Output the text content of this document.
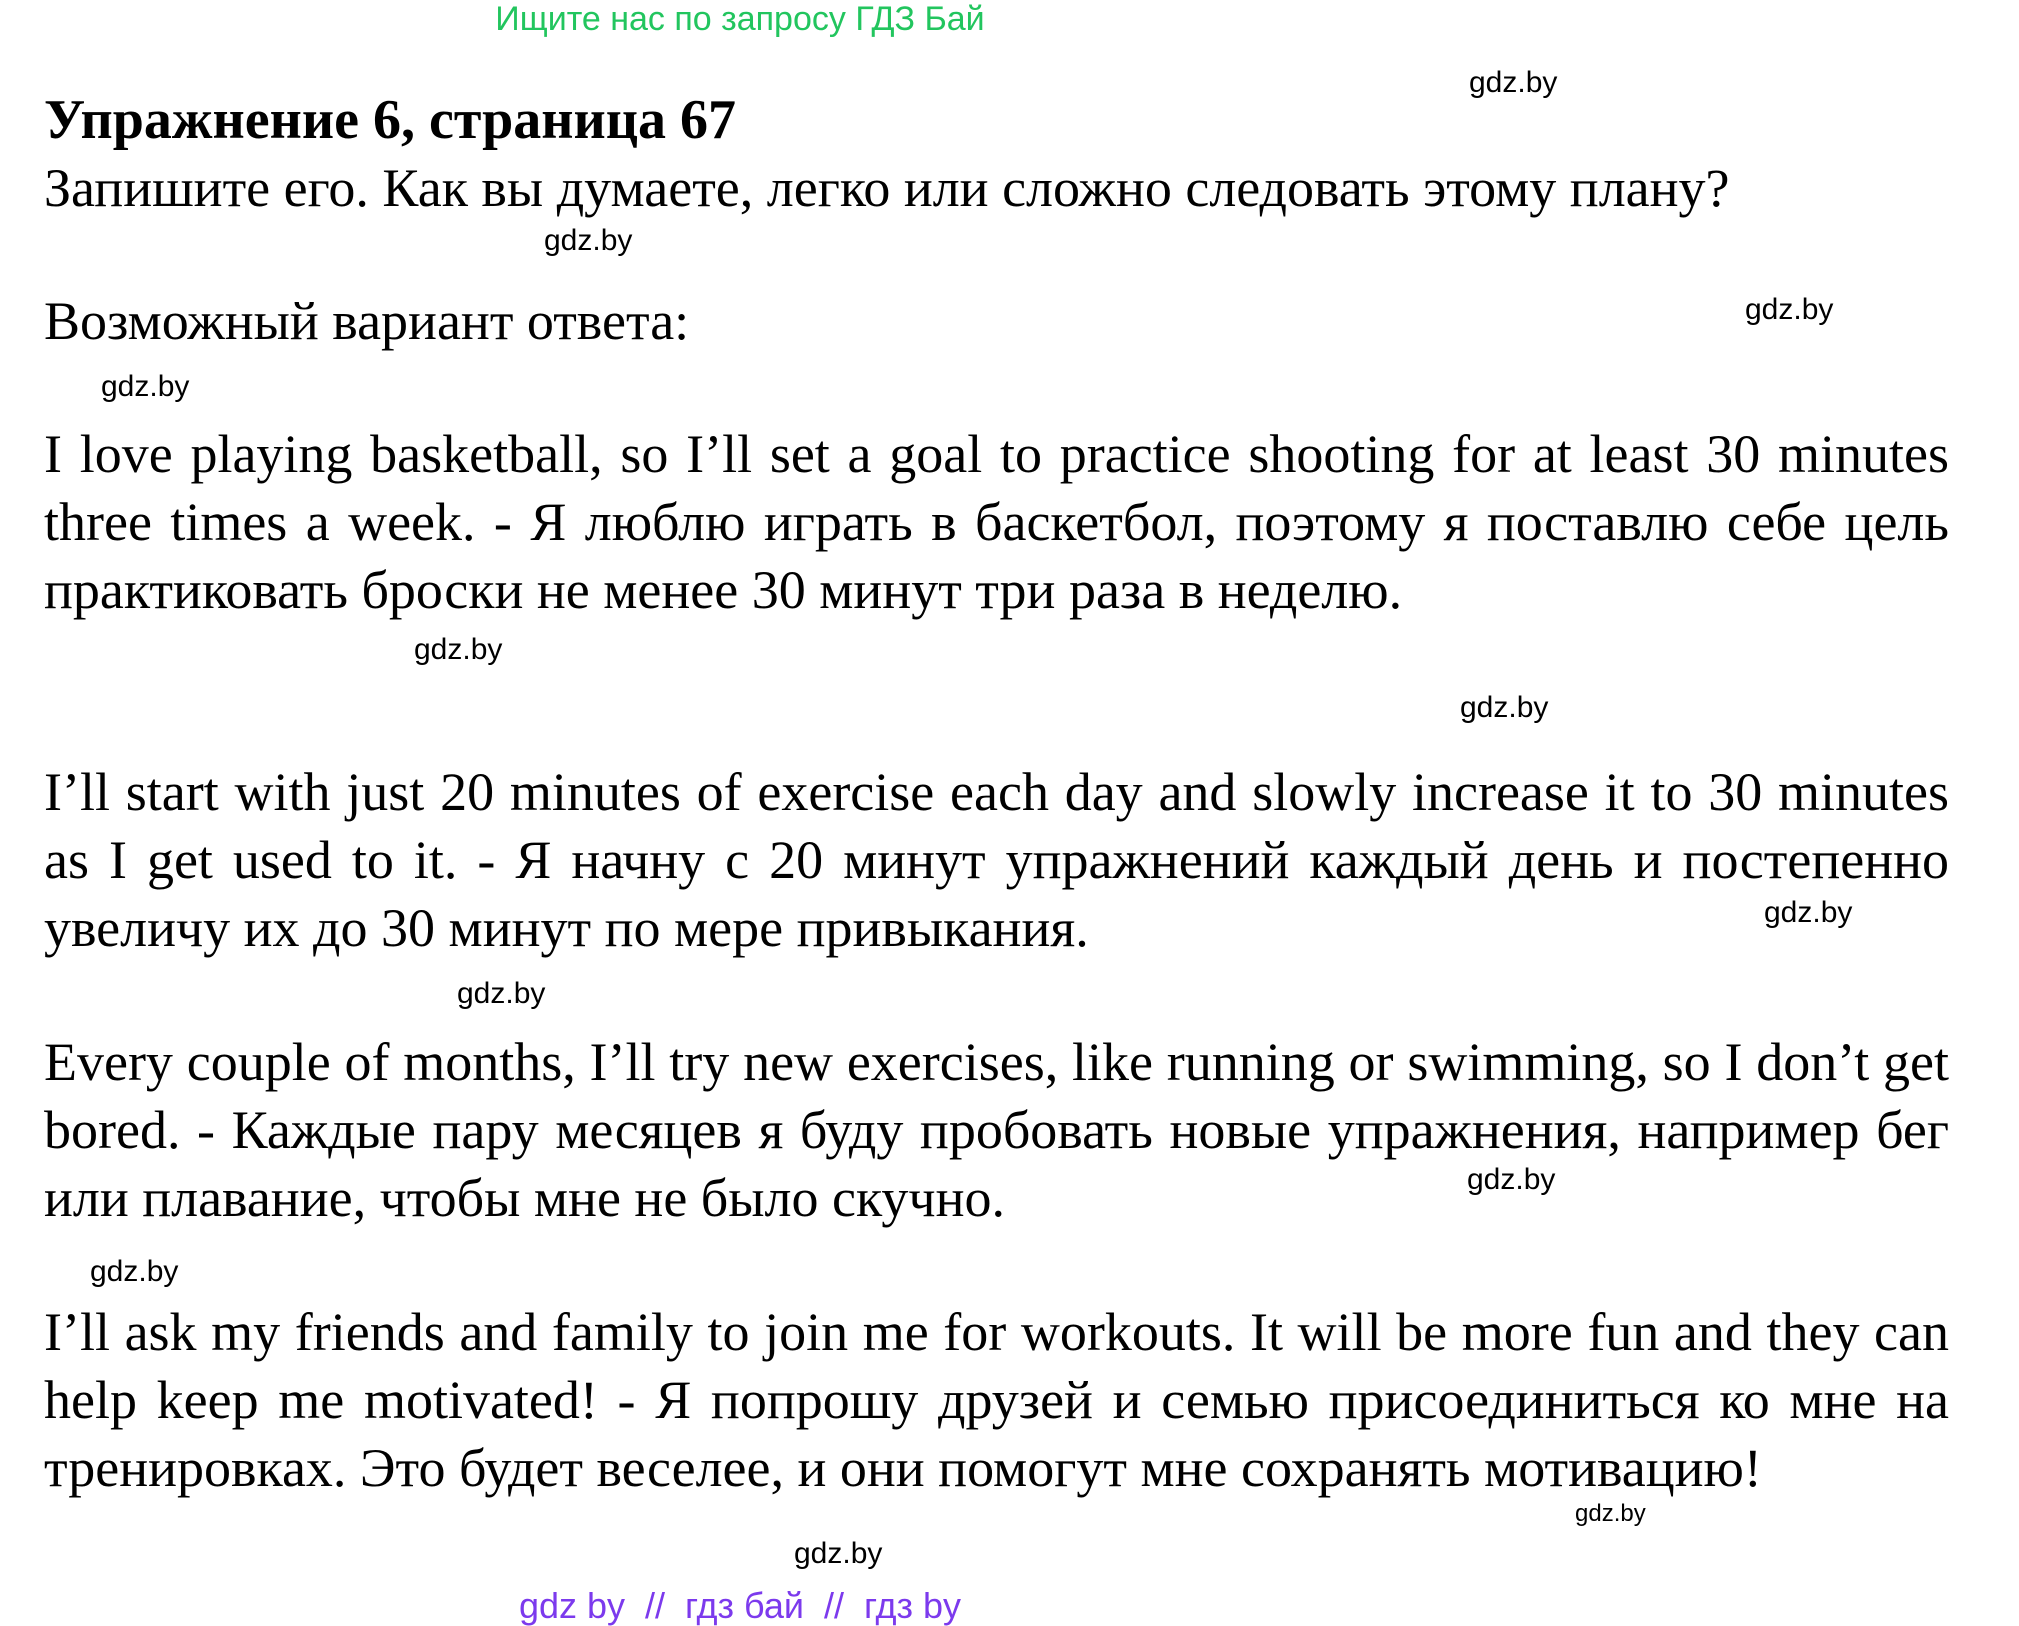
Ищите нас по запросу ГДЗ Бай
Упражнение 6, страница 67
Запишите его. Как вы думаете, легко или сложно следовать этому плану?
Возможный вариант ответа:
I love playing basketball, so I’ll set a goal to practice shooting for at least 30 minutes three times a week. - Я люблю играть в баскетбол, поэтому я поставлю себе цель практиковать броски не менее 30 минут три раза в неделю.
I’ll start with just 20 minutes of exercise each day and slowly increase it to 30 minutes as I get used to it. - Я начну с 20 минут упражнений каждый день и постепенно увеличу их до 30 минут по мере привыкания.
Every couple of months, I’ll try new exercises, like running or swimming, so I don’t get bored. - Каждые пару месяцев я буду пробовать новые упражнения, например бег или плавание, чтобы мне не было скучно.
I’ll ask my friends and family to join me for workouts. It will be more fun and they can help keep me motivated! - Я попрошу друзей и семью присоединиться ко мне на тренировках. Это будет веселее, и они помогут мне сохранять мотивацию!
gdz.by
gdz.by
gdz.by
gdz.by
gdz.by
gdz.by
gdz.by
gdz.by
gdz.by
gdz.by
gdz.by
gdz.by
gdz by  //  гдз бай  //  гдз by
